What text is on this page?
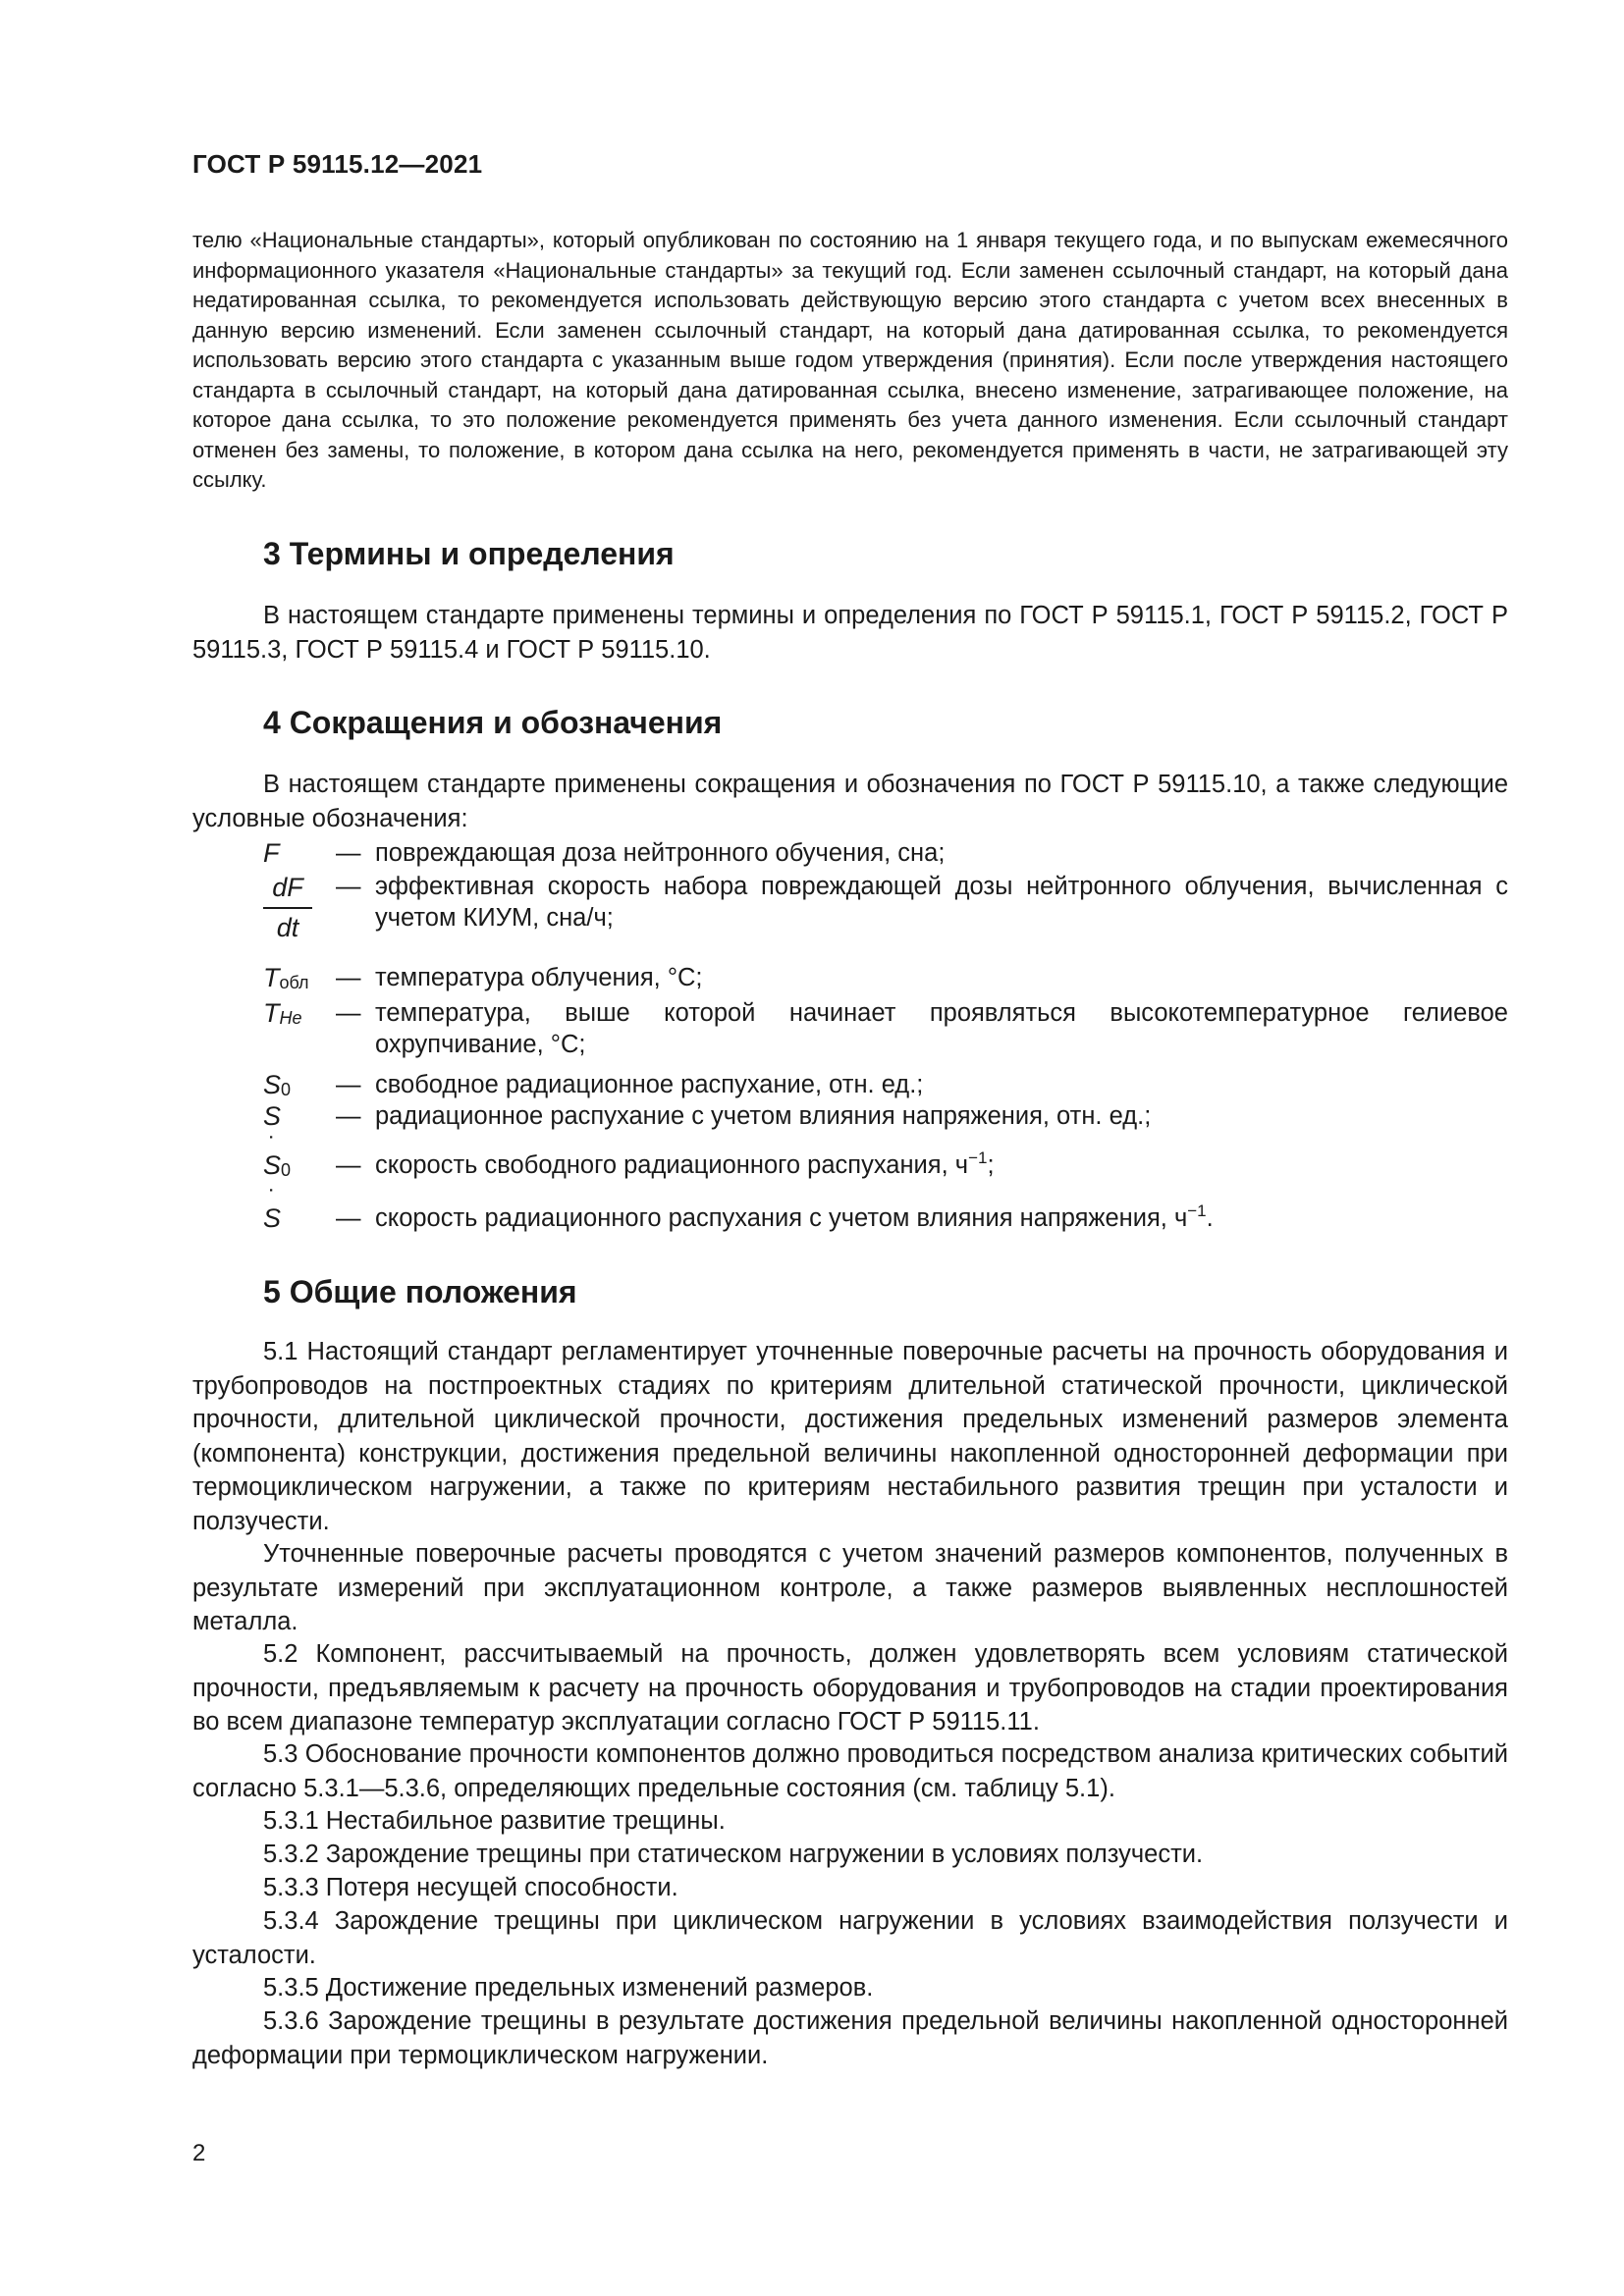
ГОСТ Р 59115.12—2021
телю «Национальные стандарты», который опубликован по состоянию на 1 января текущего года, и по выпускам ежемесячного информационного указателя «Национальные стандарты» за текущий год. Если заменен ссылочный стандарт, на который дана недатированная ссылка, то рекомендуется использовать действующую версию этого стандарта с учетом всех внесенных в данную версию изменений. Если заменен ссылочный стандарт, на который дана датированная ссылка, то рекомендуется использовать версию этого стандарта с указанным выше годом утверждения (принятия). Если после утверждения настоящего стандарта в ссылочный стандарт, на который дана датированная ссылка, внесено изменение, затрагивающее положение, на которое дана ссылка, то это положение рекомендуется применять без учета данного изменения. Если ссылочный стандарт отменен без замены, то положение, в котором дана ссылка на него, рекомендуется применять в части, не затрагивающей эту ссылку.
3 Термины и определения
В настоящем стандарте применены термины и определения по ГОСТ Р 59115.1, ГОСТ Р 59115.2, ГОСТ Р 59115.3, ГОСТ Р 59115.4 и ГОСТ Р 59115.10.
4 Сокращения и обозначения
В настоящем стандарте применены сокращения и обозначения по ГОСТ Р 59115.10, а также следующие условные обозначения:
F — повреждающая доза нейтронного обучения, сна;
dF
dt
— эффективная скорость набора повреждающей дозы нейтронного облучения, вычисленная с учетом КИУМ, сна/ч;
$T_{обл}$ — температура облучения, °С;
$T_{He}$ — температура, выше которой начинает проявляться высокотемпературное гелиевое охрупчивание, °С;
$S_0$ — свободное радиационное распухание, отн. ед.;
S — радиационное распухание с учетом влияния напряжения, отн. ед.;
˙ $S_0$ — скорость свободного радиационного распухания, $ч^{-1}$;
˙ S — скорость радиационного распухания с учетом влияния напряжения, $ч^{-1}$.
5 Общие положения
5.1 Настоящий стандарт регламентирует уточненные поверочные расчеты на прочность оборудования и трубопроводов на постпроектных стадиях по критериям длительной статической прочности, циклической прочности, длительной циклической прочности, достижения предельных изменений размеров элемента (компонента) конструкции, достижения предельной величины накопленной односторонней деформации при термоциклическом нагружении, а также по критериям нестабильного развития трещин при усталости и ползучести.
Уточненные поверочные расчеты проводятся с учетом значений размеров компонентов, полученных в результате измерений при эксплуатационном контроле, а также размеров выявленных несплошностей металла.
5.2 Компонент, рассчитываемый на прочность, должен удовлетворять всем условиям статической прочности, предъявляемым к расчету на прочность оборудования и трубопроводов на стадии проектирования во всем диапазоне температур эксплуатации согласно ГОСТ Р 59115.11.
5.3 Обоснование прочности компонентов должно проводиться посредством анализа критических событий согласно 5.3.1—5.3.6, определяющих предельные состояния (см. таблицу 5.1).
5.3.1 Нестабильное развитие трещины.
5.3.2 Зарождение трещины при статическом нагружении в условиях ползучести.
5.3.3 Потеря несущей способности.
5.3.4 Зарождение трещины при циклическом нагружении в условиях взаимодействия ползучести и усталости.
5.3.5 Достижение предельных изменений размеров.
5.3.6 Зарождение трещины в результате достижения предельной величины накопленной односторонней деформации при термоциклическом нагружении.
2
